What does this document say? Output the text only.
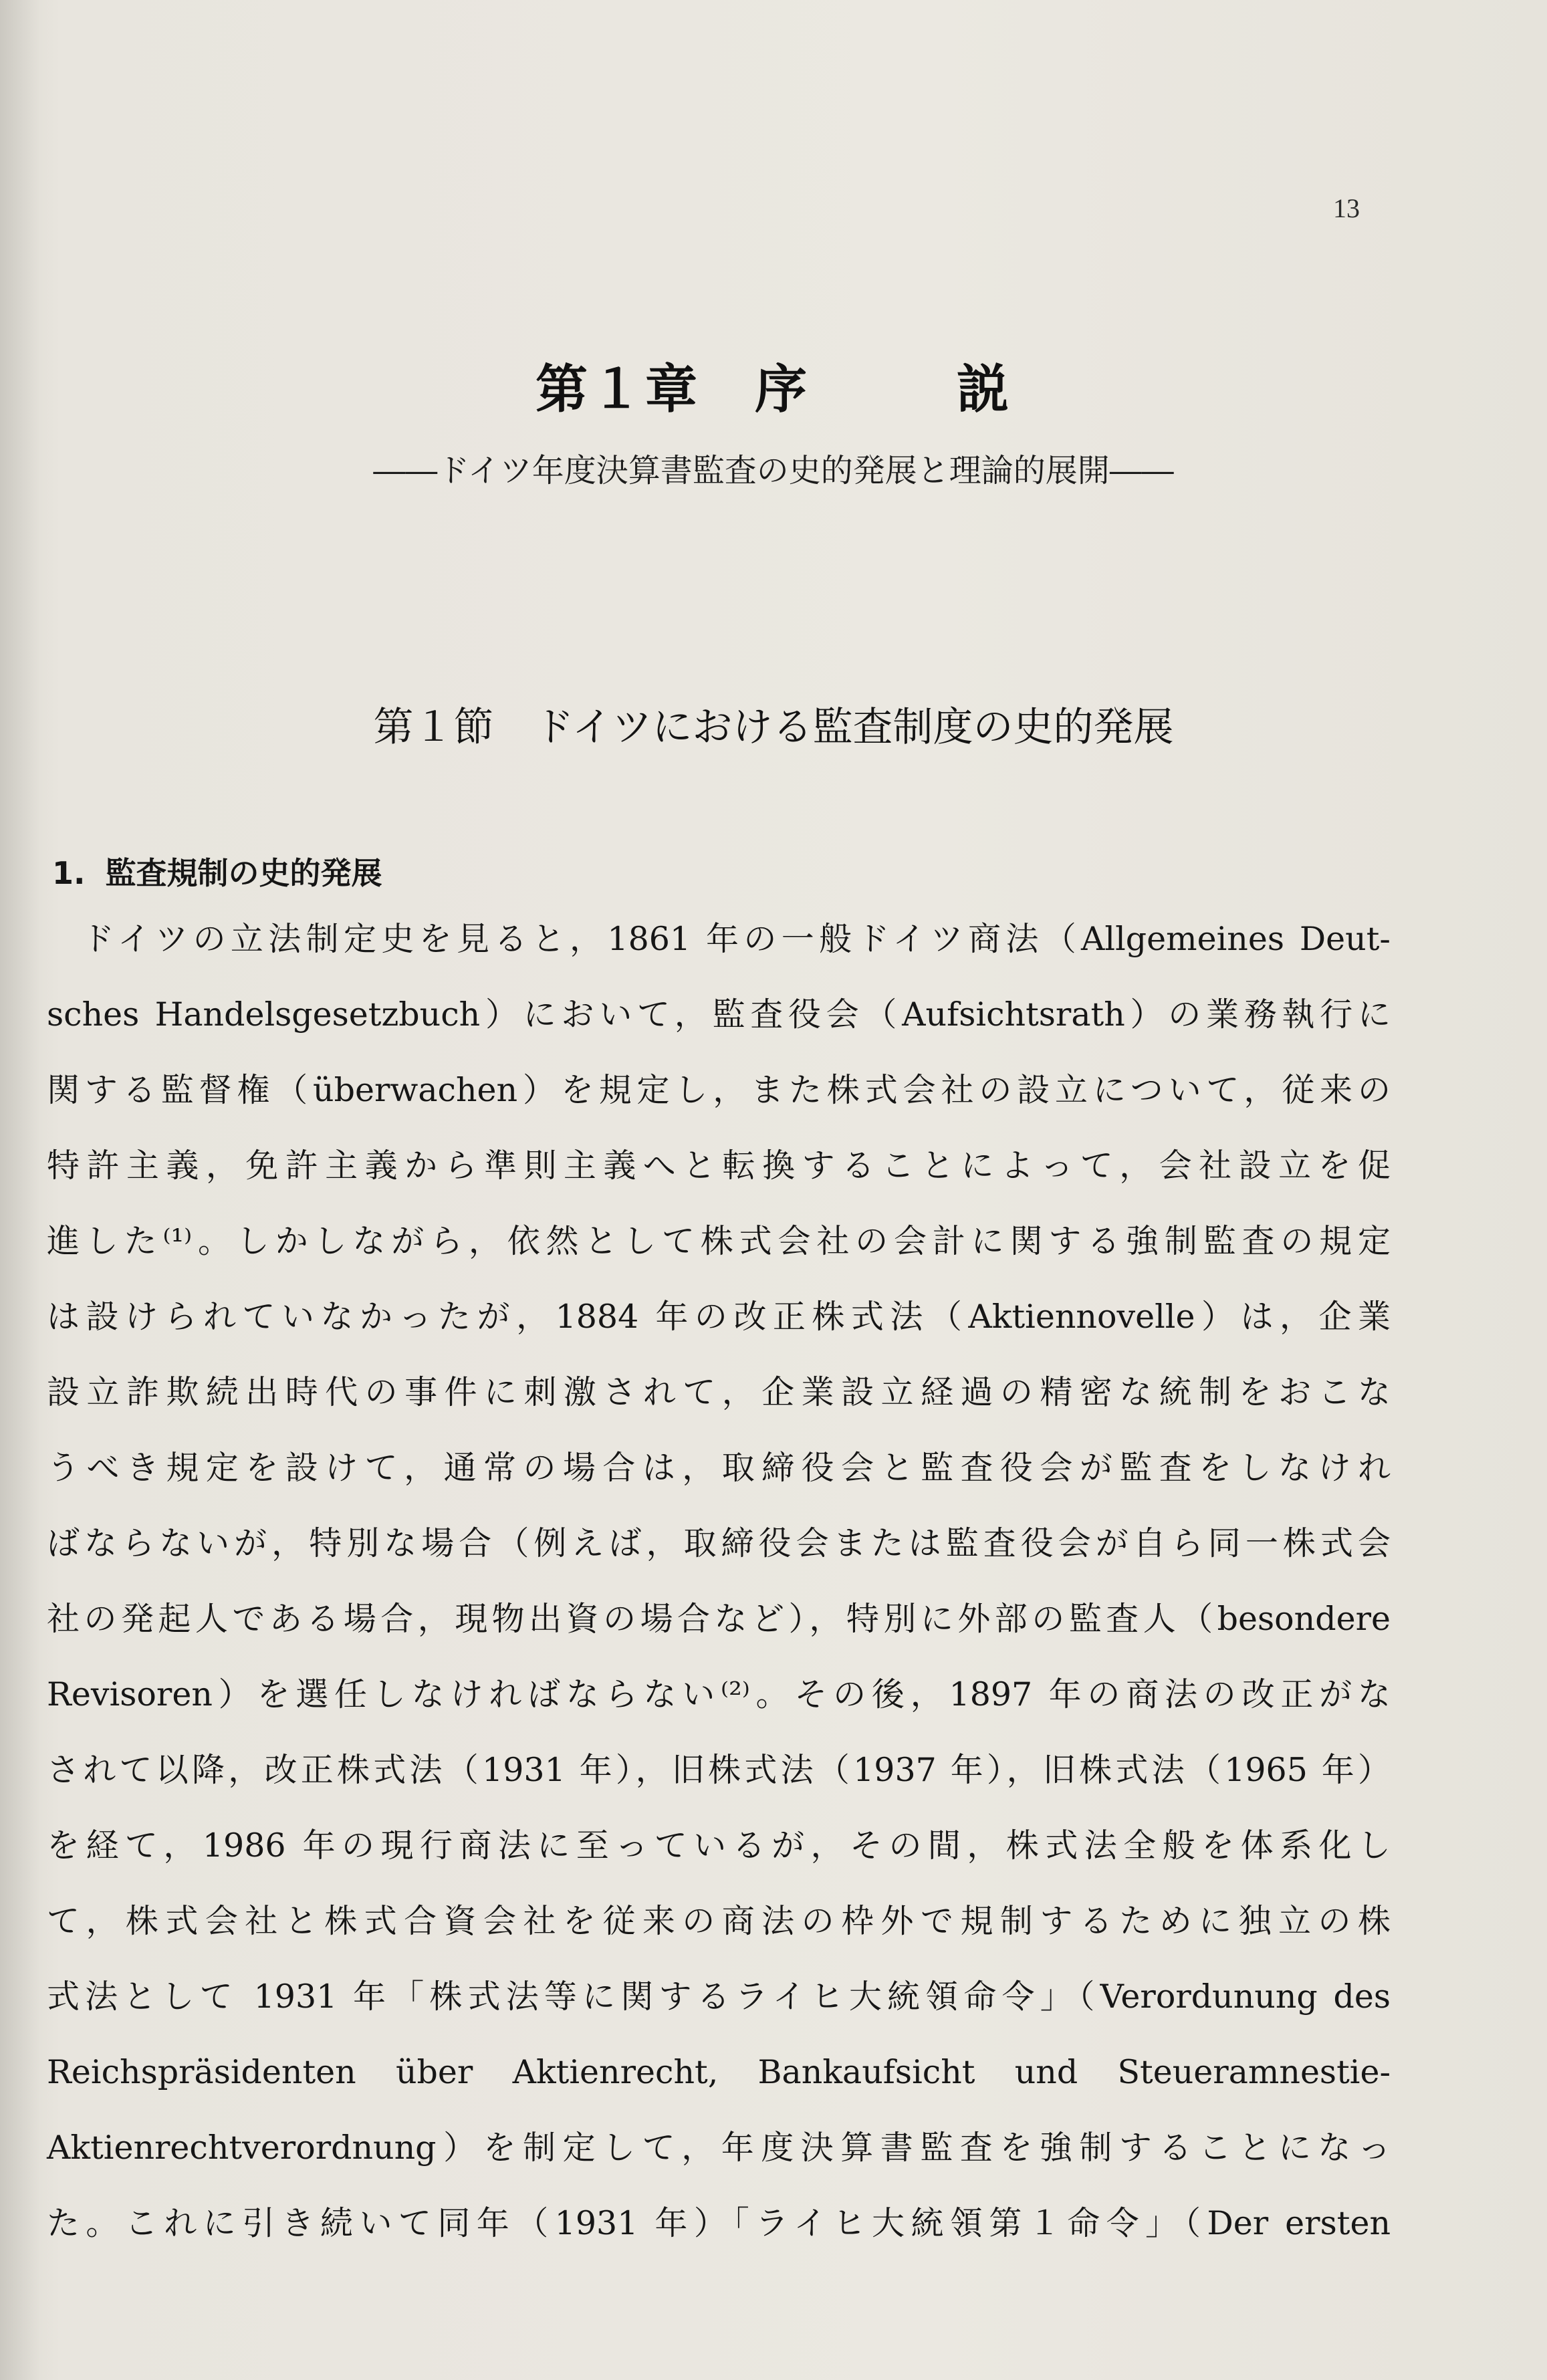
13
第１章　序	説
――ドイツ年度決算書監査の史的発展と理論的展開――
第１節 ドイツにおける監査制度の史的発展
1. 監査規制の史的発展
ドイツの立法制定史を見ると，1861 年の一般ドイツ商法（Allgemeines Deut-
sches Handelsgesetzbuch）において，監査役会（Aufsichtsrath）の業務執行に
関する監督権（überwachen）を規定し，また株式会社の設立について，従来の
特許主義，免許主義から準則主義へと転換することによって，会社設立を促
進した⁽¹⁾。しかしながら，依然として株式会社の会計に関する強制監査の規定
は設けられていなかったが，1884 年の改正株式法（Aktiennovelle）は，企業
設立詐欺続出時代の事件に刺激されて，企業設立経過の精密な統制をおこな
うべき規定を設けて，通常の場合は，取締役会と監査役会が監査をしなけれ
ばならないが，特別な場合（例えば，取締役会または監査役会が自ら同一株式会
社の発起人である場合，現物出資の場合など），特別に外部の監査人（besondere
Revisoren）を選任しなければならない⁽²⁾。その後，1897 年の商法の改正がな
されて以降，改正株式法（1931 年），旧株式法（1937 年），旧株式法（1965 年）
を経て，1986 年の現行商法に至っているが，その間，株式法全般を体系化し
て，株式会社と株式合資会社を従来の商法の枠外で規制するために独立の株
式法として 1931 年「株式法等に関するライヒ大統領命令」（Verordunung des
Reichspräsidenten über Aktienrecht, Bankaufsicht und Steueramnestie-
Aktienrechtverordnung）を制定して，年度決算書監査を強制することになっ
た。これに引き続いて同年（1931 年）「ライヒ大統領第１命令」（Der ersten
